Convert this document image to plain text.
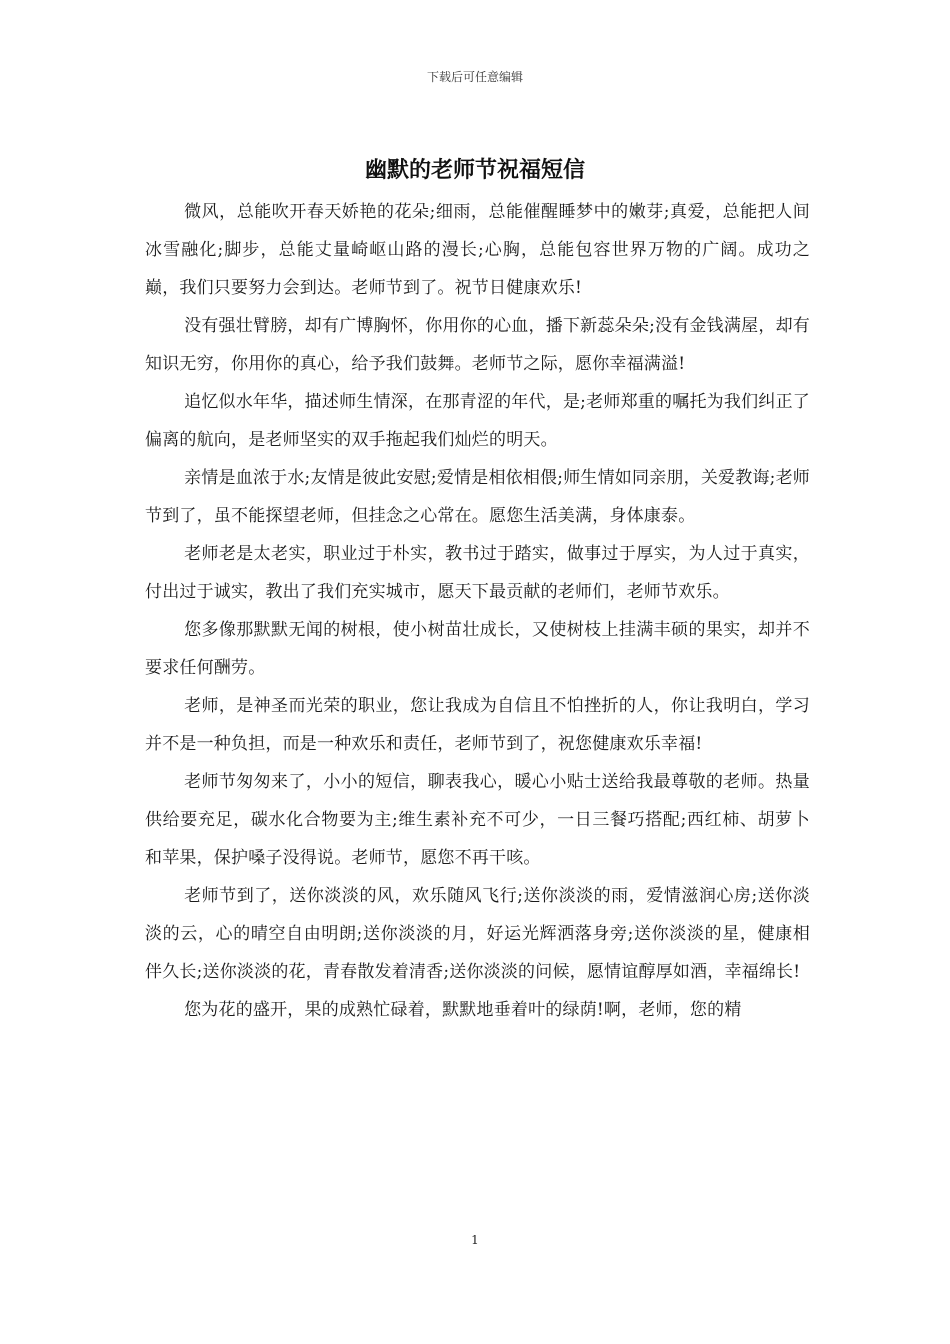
下载后可任意编辑
幽默的老师节祝福短信

微风，总能吹开春天娇艳的花朵;细雨，总能催醒睡梦中的嫩芽;真爱，总能把人间冰雪融化;脚步，总能丈量崎岖山路的漫长;心胸，总能包容世界万物的广阔。成功之巅，我们只要努力会到达。老师节到了。祝节日健康欢乐!

没有强壮臂膀，却有广博胸怀，你用你的心血，播下新蕊朵朵;没有金钱满屋，却有知识无穷，你用你的真心，给予我们鼓舞。老师节之际，愿你幸福满溢!

追忆似水年华，描述师生情深，在那青涩的年代，是;老师郑重的嘱托为我们纠正了偏离的航向，是老师坚实的双手拖起我们灿烂的明天。

亲情是血浓于水;友情是彼此安慰;爱情是相依相偎;师生情如同亲朋，关爱教诲;老师节到了，虽不能探望老师，但挂念之心常在。愿您生活美满，身体康泰。

老师老是太老实，职业过于朴实，教书过于踏实，做事过于厚实，为人过于真实，付出过于诚实，教出了我们充实城市，愿天下最贡献的老师们，老师节欢乐。

您多像那默默无闻的树根，使小树苗壮成长，又使树枝上挂满丰硕的果实，却并不要求任何酬劳。

老师，是神圣而光荣的职业，您让我成为自信且不怕挫折的人，你让我明白，学习并不是一种负担，而是一种欢乐和责任，老师节到了，祝您健康欢乐幸福!

老师节匆匆来了，小小的短信，聊表我心，暖心小贴士送给我最尊敬的老师。热量供给要充足，碳水化合物要为主;维生素补充不可少，一日三餐巧搭配;西红柿、胡萝卜和苹果，保护嗓子没得说。老师节，愿您不再干咳。

老师节到了，送你淡淡的风，欢乐随风飞行;送你淡淡的雨，爱情滋润心房;送你淡淡的云，心的晴空自由明朗;送你淡淡的月，好运光辉洒落身旁;送你淡淡的星，健康相伴久长;送你淡淡的花，青春散发着清香;送你淡淡的问候，愿情谊醇厚如酒，幸福绵长!

您为花的盛开，果的成熟忙碌着，默默地垂着叶的绿荫!啊，老师，您的精

1
